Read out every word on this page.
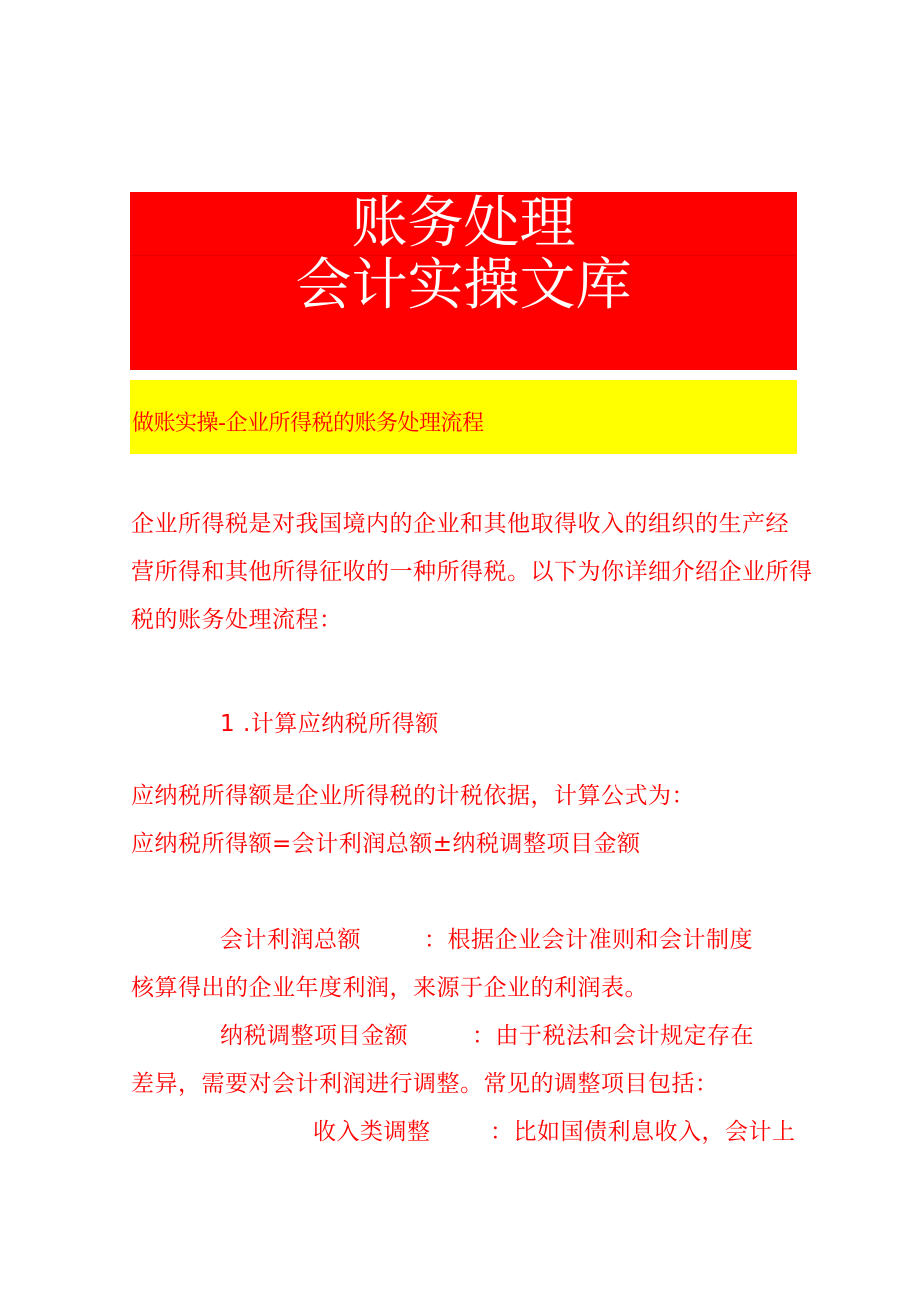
账务处理
会计实操文库
做账实操-企业所得税的账务处理流程
企业所得税是对我国境内的企业和其他取得收入的组织的生产经
营所得和其他所得征收的一种所得税。以下为你详细介绍企业所得
税的账务处理流程：
1 .计算应纳税所得额
应纳税所得额是企业所得税的计税依据，计算公式为：
应纳税所得额=会计利润总额±纳税调整项目金额
会计利润总额	：根据企业会计准则和会计制度
核算得出的企业年度利润，来源于企业的利润表。
纳税调整项目金额	：由于税法和会计规定存在
差异，需要对会计利润进行调整。常见的调整项目包括：
收入类调整	：比如国债利息收入，会计上
